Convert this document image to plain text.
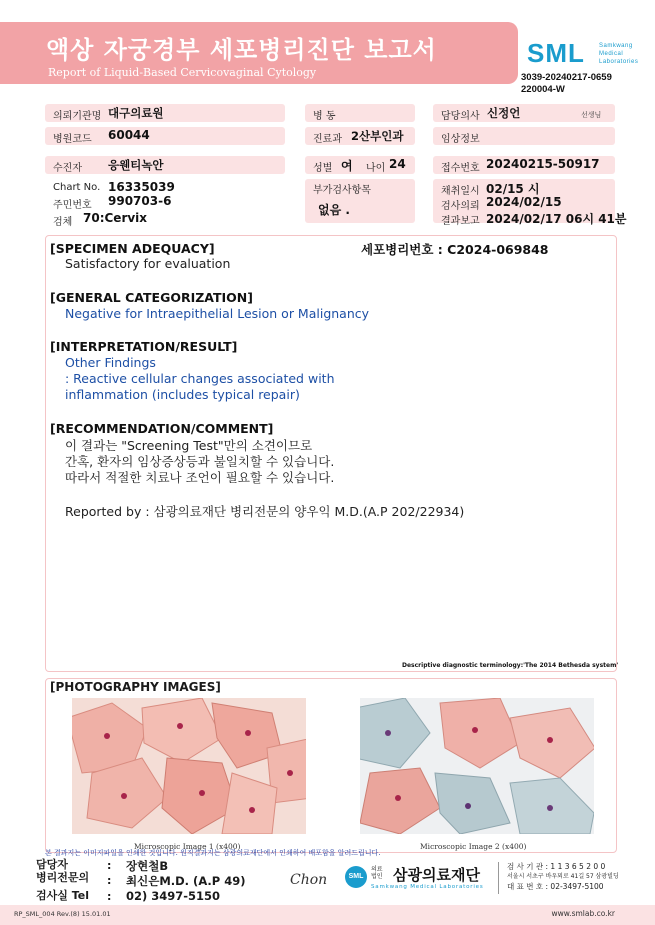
액상 자궁경부 세포병리진단 보고서
Report of Liquid-Based Cervicovaginal Cytology
SML Samkwang
Medical
Laboratories
3039-20240217-0659
220004-W
의뢰기관명 대구의료원
병원코드 60044
수진자 응웬티녹안
Chart No. 16335039
주민번호 990703-6
검체 70:Cervix
병 동
진료과 2산부인과
성별 여 나이 24
부가검사항목
없음 .
담당의사 신정언	선생님
임상정보
접수번호 20240215-50917
채취일시 02/15 시
검사의뢰 2024/02/15
결과보고 2024/02/17 06시 41분
[SPECIMEN ADEQUACY]	세포병리번호 : C2024-069848
Satisfactory for evaluation
[GENERAL CATEGORIZATION]
Negative for Intraepithelial Lesion or Malignancy
[INTERPRETATION/RESULT]
Other Findings
: Reactive cellular changes associated with
inflammation (includes typical repair)
[RECOMMENDATION/COMMENT]
이 결과는 "Screening Test"만의 소견이므로
간혹, 환자의 임상증상등과 불일치할 수 있습니다.
따라서 적절한 치료나 조언이 필요할 수 있습니다.
Reported by : 삼광의료재단 병리전문의 양우익 M.D.(A.P 202/22934)
Descriptive diagnostic terminology:'The 2014 Bethesda system'
[PHOTOGRAPHY IMAGES]
Microscopic Image 1 (x400)	Microscopic Image 2 (x400)
본 결과지는 이미지파일을 인쇄한 것입니다. 원직결과지는 삼광의료재단에서 인쇄하여 배포함을 알려드립니다.
담당자	: 장현철B
병리전문의 : 최신은M.D. (A.P 49)
검사실 Tel : 02) 3497-5150
Chon	SML
의료
법인 삼광의료재단
Samkwang Medical Laboratories
검 사 기 관 : 1 1 3 6 5 2 0 0
서울시 서초구 바우뫼로 41길 57 삼광빌딩
대 표 번 호 : 02-3497-5100
RP_SML_004 Rev.(8) 15.01.01	www.smlab.co.kr
